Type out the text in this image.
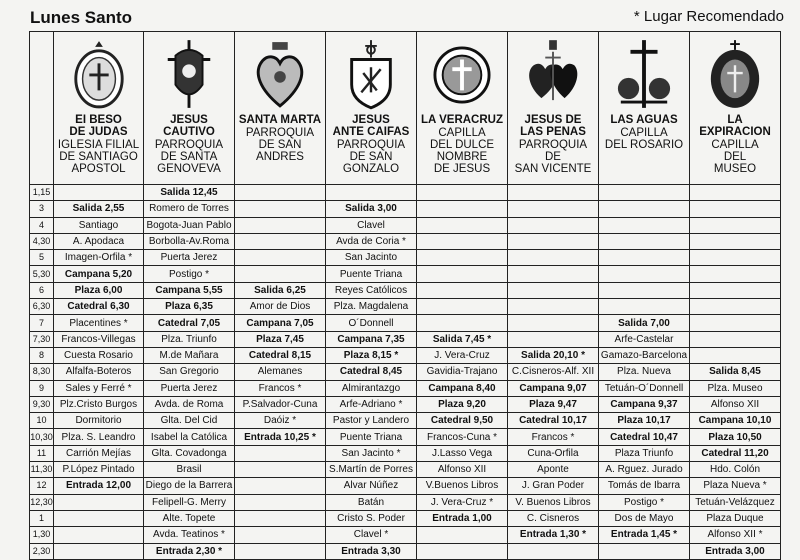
Lunes Santo	* Lugar Recomendado

	EI BESO
DE JUDAS
IGLESIA FILIAL
DE SANTIAGO
APOSTOL	JESUS
CAUTIVO
PARROQUIA
DE SANTA
GENOVEVA	SANTA MARTA
PARROQUIA
DE SAN
ANDRES	JESUS
ANTE CAIFAS
PARROQUIA
DE SAN
GONZALO	LA VERACRUZ
CAPILLA
DEL DULCE
NOMBRE
DE JESUS	JESUS DE
LAS PENAS
PARROQUIA
DE
SAN VICENTE	LAS AGUAS
CAPILLA
DEL ROSARIO	LA
EXPIRACION
CAPILLA
DEL
MUSEO

1,15		Salida 12,45						
3	Salida 2,55	Romero de Torres		Salida 3,00				
4	Santiago	Bogota-Juan Pablo		Clavel				
4,30	A. Apodaca	Borbolla-Av.Roma		Avda de Coria *				
5	Imagen-Orfila *	Puerta Jerez		San Jacinto				
5,30	Campana 5,20	Postigo *		Puente Triana				
6	Plaza 6,00	Campana 5,55	Salida 6,25	Reyes Católicos				
6,30	Catedral 6,30	Plaza 6,35	Amor de Dios	Plza. Magdalena				
7	Placentines *	Catedral 7,05	Campana 7,05	O´Donnell			Salida 7,00	
7,30	Francos-Villegas	Plza. Triunfo	Plaza 7,45	Campana 7,35	Salida 7,45 *		Arfe-Castelar	
8	Cuesta Rosario	M.de Mañara	Catedral 8,15	Plaza 8,15 *	J. Vera-Cruz	Salida 20,10 *	Gamazo-Barcelona	
8,30	Alfalfa-Boteros	San Gregorio	Alemanes	Catedral 8,45	Gavidia-Trajano	C.Cisneros-Alf. XII	Plza. Nueva	Salida 8,45
9	Sales y Ferré *	Puerta Jerez	Francos *	Almirantazgo	Campana 8,40	Campana 9,07	Tetuán-O´Donnell	Plza. Museo
9,30	Plz.Cristo Burgos	Avda. de Roma	P.Salvador-Cuna	Arfe-Adriano *	Plaza 9,20	Plaza 9,47	Campana 9,37	Alfonso XII
10	Dormitorio	Glta. Del Cid	Daóiz *	Pastor y Landero	Catedral 9,50	Catedral 10,17	Plaza 10,17	Campana 10,10
10,30	Plza. S. Leandro	Isabel la Católica	Entrada 10,25 *	Puente Triana	Francos-Cuna *	Francos *	Catedral 10,47	Plaza 10,50
11	Carrión Mejías	Glta. Covadonga		San Jacinto *	J.Lasso Vega	Cuna-Orfila	Plaza Triunfo	Catedral 11,20
11,30	P.López Pintado	Brasil		S.Martín de Porres	Alfonso XII	Aponte	A. Rguez. Jurado	Hdo. Colón
12	Entrada 12,00	Diego de la Barrera		Alvar Núñez	V.Buenos Libros	J. Gran Poder	Tomás de Ibarra	Plaza Nueva *
12,30		Felipell-G. Merry		Batán	J. Vera-Cruz *	V. Buenos Libros	Postigo *	Tetuán-Velázquez
1		Alte. Topete		Cristo S. Poder	Entrada 1,00	C. Cisneros	Dos de Mayo	Plaza Duque
1,30		Avda. Teatinos *		Clavel *		Entrada 1,30 *	Entrada 1,45 *	Alfonso XII *
2,30		Entrada 2,30 *		Entrada 3,30				Entrada 3,00
